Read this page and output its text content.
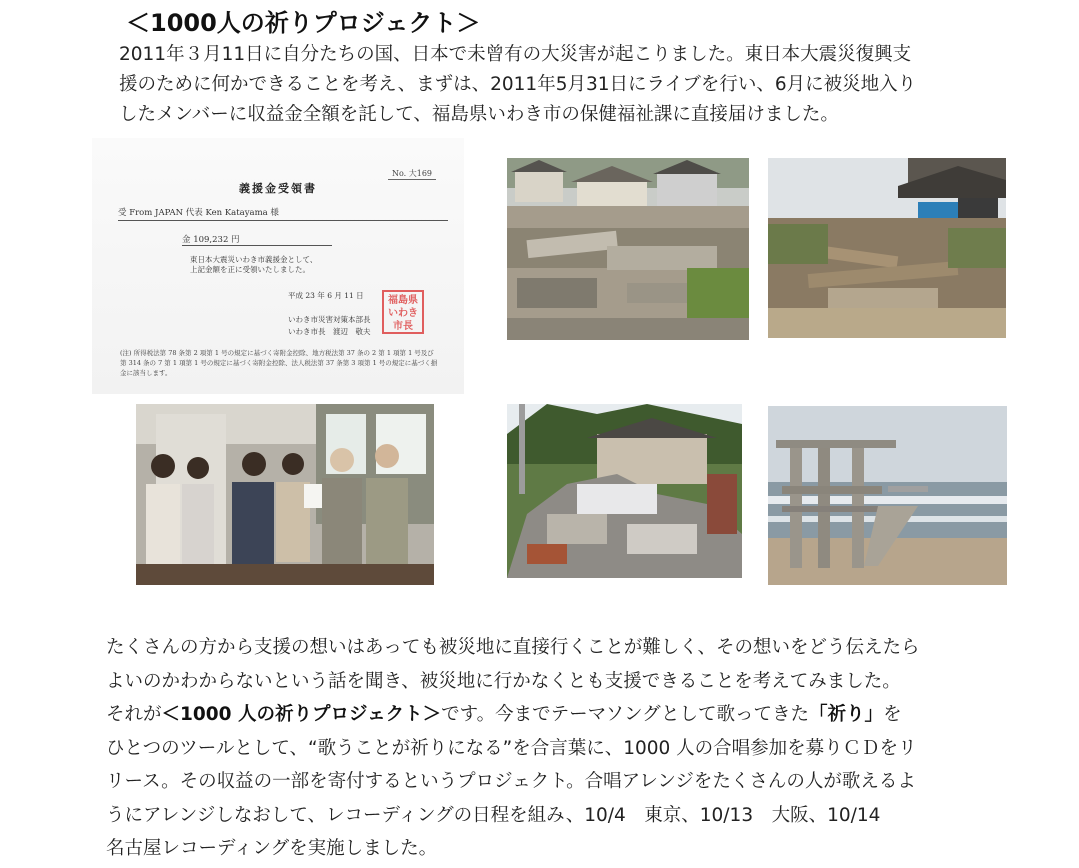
＜1000人の祈りプロジェクト＞

2011年３月11日に自分たちの国、日本で未曾有の大災害が起こりました。東日本大震災復興支
援のために何かできることを考え、まずは、2011年5月31日にライブを行い、6月に被災地入り
したメンバーに収益金全額を託して、福島県いわき市の保健福祉課に直接届けました。

No. 大169
義援金受領書
受 From JAPAN 代表 Ken Katayama 様
金 109,232 円
東日本大震災いわき市義援金として、
上記金額を正に受領いたしました。
平成 23 年 6 月 11 日
いわき市災害対策本部長
いわき市長　渡辺　敬夫
福島県
いわき
市長
(注) 所得税法第 78 条第 2 項第 1 号の規定に基づく寄附金控除、地方税法第 37 条の 2 第 1 項第 1 号及び第 314 条の 7 第 1 項第 1 号の規定に基づく寄附金控除、法人税法第 37 条第 3 項第 1 号の規定に基づく損金に該当します。
たくさんの方から支援の想いはあっても被災地に直接行くことが難しく、その想いをどう伝えたら
よいのかわからないという話を聞き、被災地に行かなくとも支援できることを考えてみました。
それが＜1000 人の祈りプロジェクト＞です。今までテーマソングとして歌ってきた「祈り」を
ひとつのツールとして、“歌うことが祈りになる”を合言葉に、1000 人の合唱参加を募りＣＤをリ
リース。その収益の一部を寄付するというプロジェクト。合唱アレンジをたくさんの人が歌えるよ
うにアレンジしなおして、レコーディングの日程を組み、10/4　東京、10/13　大阪、10/14
名古屋レコーディングを実施しました。
